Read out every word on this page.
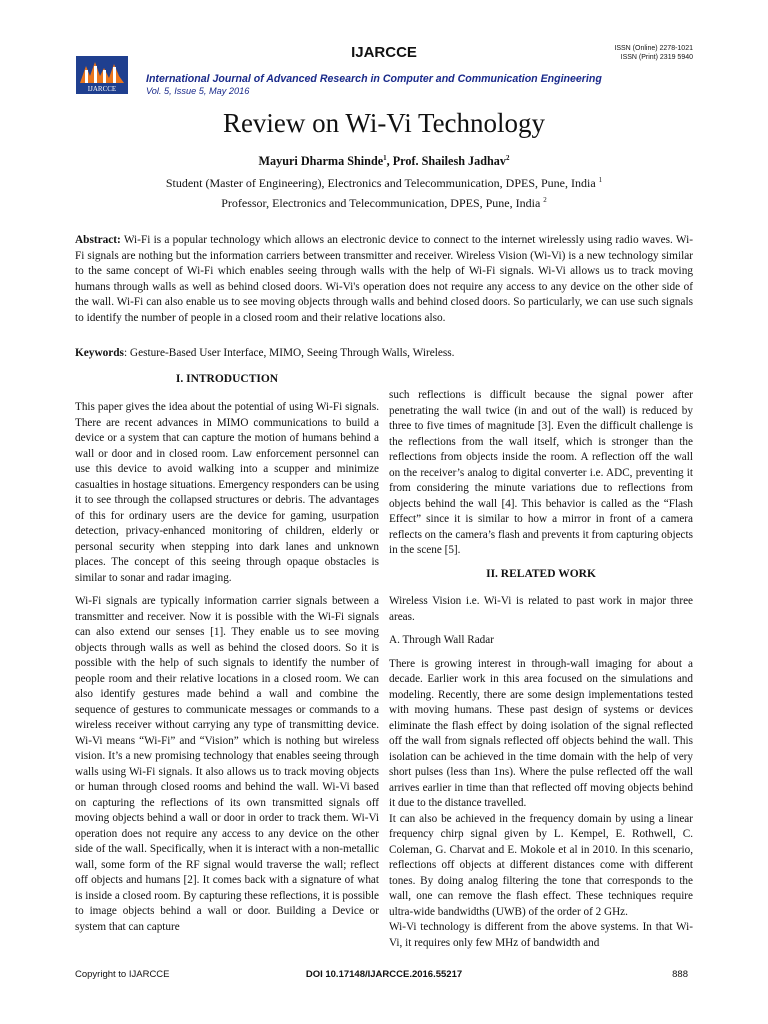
IJARCCE	ISSN (Online) 2278-1021
ISSN (Print) 2319 5940
IJARCCE
International Journal of Advanced Research in Computer and Communication Engineering
Vol. 5, Issue 5, May 2016
Review on Wi-Vi Technology
Mayuri Dharma Shinde$^1$, Prof. Shailesh Jadhav$^2$
Student (Master of Engineering), Electronics and Telecommunication, DPES, Pune, India $^1$
Professor, Electronics and Telecommunication, DPES, Pune, India $^2$
Abstract: Wi-Fi is a popular technology which allows an electronic device to connect to the internet wirelessly using radio waves. Wi-Fi signals are nothing but the information carriers between transmitter and receiver. Wireless Vision (Wi-Vi) is a new technology similar to the same concept of Wi-Fi which enables seeing through walls with the help of Wi-Fi signals. Wi-Vi allows us to track moving humans through walls as well as behind closed doors. Wi-Vi's operation does not require any access to any device on the other side of the wall. Wi-Fi can also enable us to see moving objects through walls and behind closed doors. So particularly, we can use such signals to identify the number of people in a closed room and their relative locations also.
Keywords: Gesture-Based User Interface, MIMO, Seeing Through Walls, Wireless.
I. INTRODUCTION

This paper gives the idea about the potential of using Wi-Fi signals. There are recent advances in MIMO communications to build a device or a system that can capture the motion of humans behind a wall or door and in closed room. Law enforcement personnel can use this device to avoid walking into a scupper and minimize casualties in hostage situations. Emergency responders can be using it to see through the collapsed structures or debris. The advantages of this for ordinary users are the device for gaming, usurpation detection, privacy-enhanced monitoring of children, elderly or personal security when stepping into dark lanes and unknown places. The concept of this seeing through opaque obstacles is similar to sonar and radar imaging.

Wi-Fi signals are typically information carrier signals between a transmitter and receiver. Now it is possible with the Wi-Fi signals can also extend our senses [1]. They enable us to see moving objects through walls as well as behind the closed doors. So it is possible with the help of such signals to identify the number of people room and their relative locations in a closed room. We can also identify gestures made behind a wall and combine the sequence of gestures to communicate messages or commands to a wireless receiver without carrying any type of transmitting device. Wi-Vi means “Wi-Fi” and “Vision” which is nothing but wireless vision. It’s a new promising technology that enables seeing through walls using Wi-Fi signals. It also allows us to track moving objects or human through closed rooms and behind the wall. Wi-Vi based on capturing the reflections of its own transmitted signals off moving objects behind a wall or door in order to track them. Wi-Vi operation does not require any access to any device on the other side of the wall. Specifically, when it is interact with a non-metallic wall, some form of the RF signal would traverse the wall; reflect off objects and humans [2]. It comes back with a signature of what is inside a closed room. By capturing these reflections, it is possible to image objects behind a wall or door. Building a Device or system that can capture

such reflections is difficult because the signal power after penetrating the wall twice (in and out of the wall) is reduced by three to five times of magnitude [3]. Even the difficult challenge is the reflections from the wall itself, which is stronger than the reflections from objects inside the room. A reflection off the wall on the receiver’s analog to digital converter i.e. ADC, preventing it from considering the minute variations due to reflections from objects behind the wall [4]. This behavior is called as the “Flash Effect” since it is similar to how a mirror in front of a camera reflects on the camera’s flash and prevents it from capturing objects in the scene [5].

II. RELATED WORK

Wireless Vision i.e. Wi-Vi is related to past work in major three areas.

A. Through Wall Radar

There is growing interest in through-wall imaging for about a decade. Earlier work in this area focused on the simulations and modeling. Recently, there are some design implementations tested with moving humans. These past design of systems or devices eliminate the flash effect by doing isolation of the signal reflected off the wall from signals reflected off objects behind the wall. This isolation can be achieved in the time domain with the help of very short pulses (less than 1ns). Where the pulse reflected off the wall arrives earlier in time than that reflected off moving objects behind it due to the distance travelled.

It can also be achieved in the frequency domain by using a linear frequency chirp signal given by L. Kempel, E. Rothwell, C. Coleman, G. Charvat and E. Mokole et al in 2010. In this scenario, reflections off objects at different distances come with different tones. By doing analog filtering the tone that corresponds to the wall, one can remove the flash effect. These techniques require ultra-wide bandwidths (UWB) of the order of 2 GHz.

Wi-Vi technology is different from the above systems. In that Wi-Vi, it requires only few MHz of bandwidth and

Copyright to IJARCCE	DOI 10.17148/IJARCCE.2016.55217	888
